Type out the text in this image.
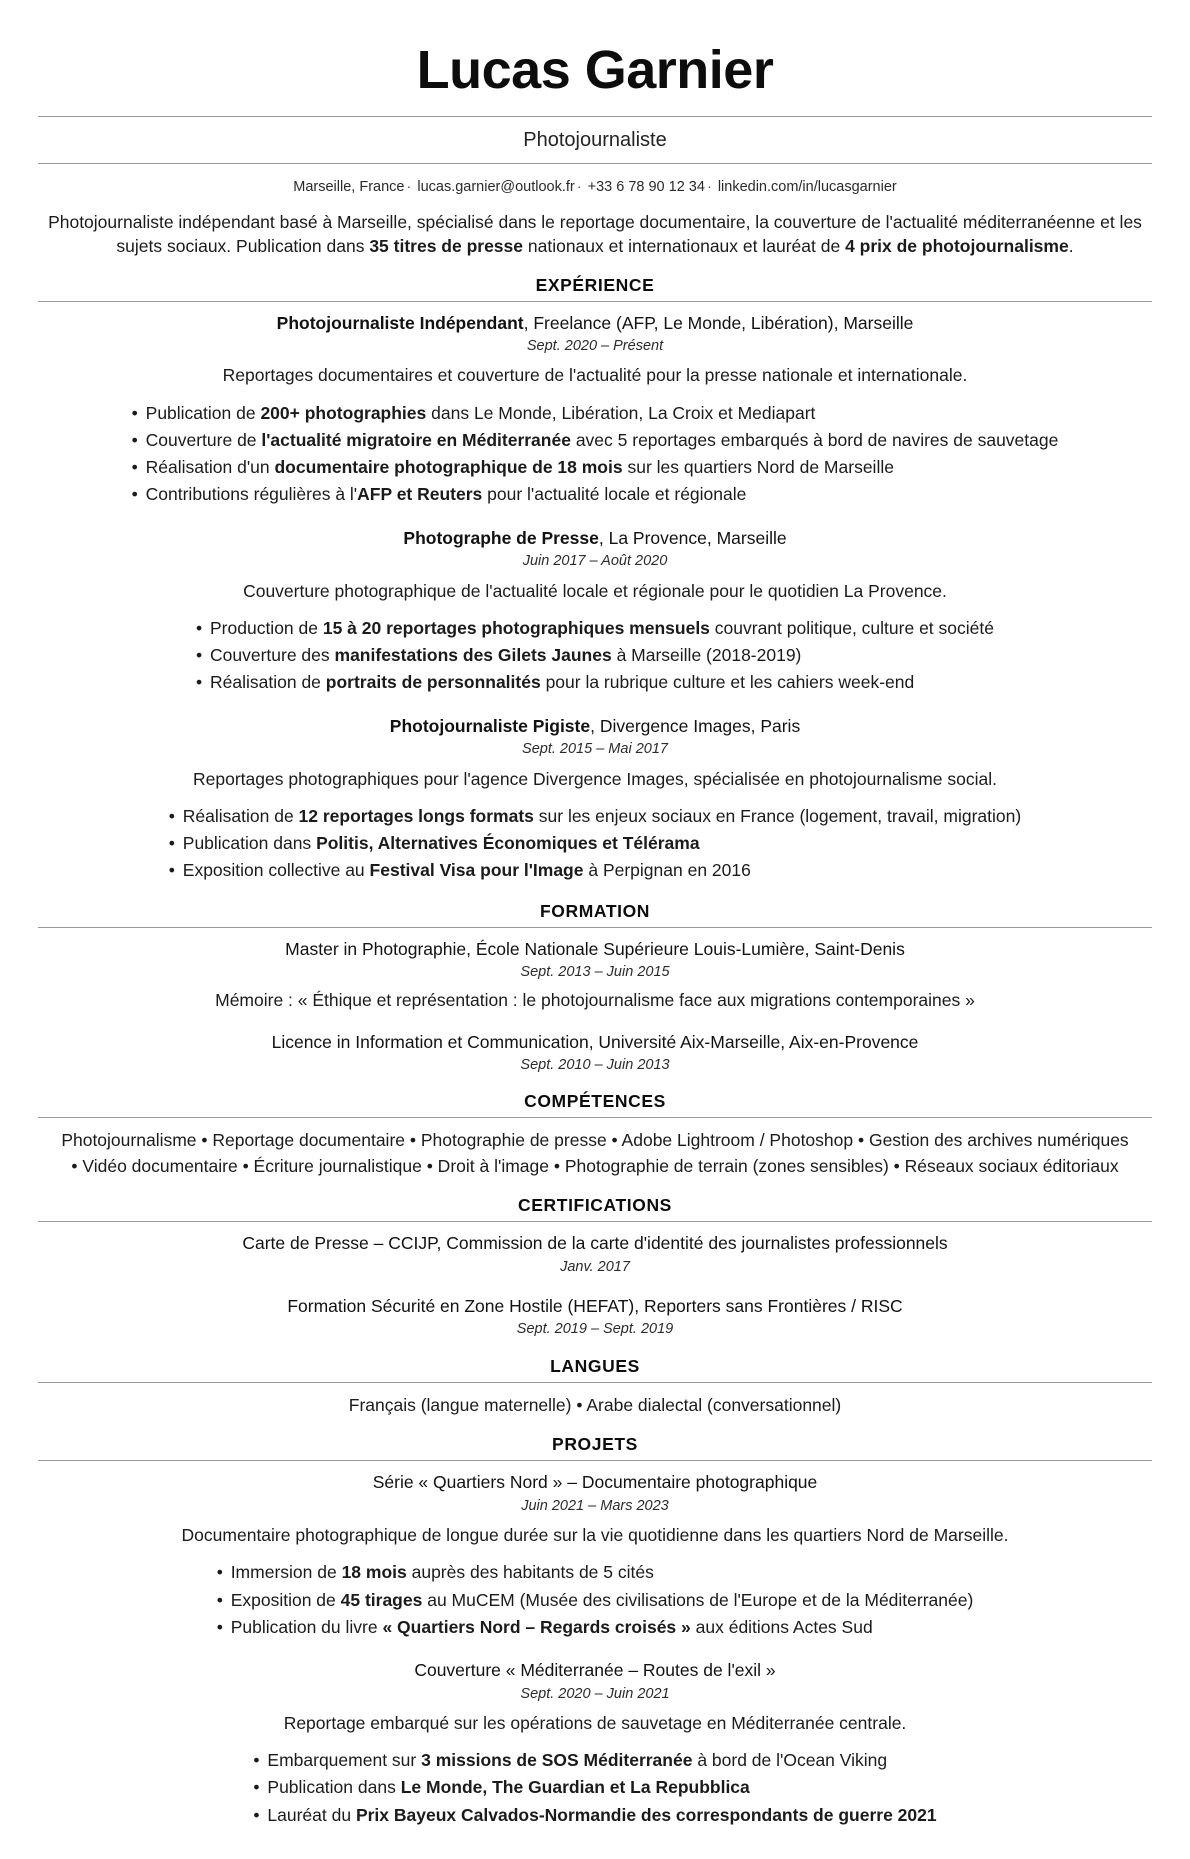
Lucas Garnier
Photojournaliste
Marseille, France · lucas.garnier@outlook.fr · +33 6 78 90 12 34 · linkedin.com/in/lucasgarnier
Photojournaliste indépendant basé à Marseille, spécialisé dans le reportage documentaire, la couverture de l'actualité méditerranéenne et les sujets sociaux. Publication dans 35 titres de presse nationaux et internationaux et lauréat de 4 prix de photojournalisme.
EXPÉRIENCE
Photojournaliste Indépendant, Freelance (AFP, Le Monde, Libération), Marseille
Sept. 2020 – Présent
Reportages documentaires et couverture de l'actualité pour la presse nationale et internationale.
• Publication de 200+ photographies dans Le Monde, Libération, La Croix et Mediapart
• Couverture de l'actualité migratoire en Méditerranée avec 5 reportages embarqués à bord de navires de sauvetage
• Réalisation d'un documentaire photographique de 18 mois sur les quartiers Nord de Marseille
• Contributions régulières à l'AFP et Reuters pour l'actualité locale et régionale
Photographe de Presse, La Provence, Marseille
Juin 2017 – Août 2020
Couverture photographique de l'actualité locale et régionale pour le quotidien La Provence.
• Production de 15 à 20 reportages photographiques mensuels couvrant politique, culture et société
• Couverture des manifestations des Gilets Jaunes à Marseille (2018-2019)
• Réalisation de portraits de personnalités pour la rubrique culture et les cahiers week-end
Photojournaliste Pigiste, Divergence Images, Paris
Sept. 2015 – Mai 2017
Reportages photographiques pour l'agence Divergence Images, spécialisée en photojournalisme social.
• Réalisation de 12 reportages longs formats sur les enjeux sociaux en France (logement, travail, migration)
• Publication dans Politis, Alternatives Économiques et Télérama
• Exposition collective au Festival Visa pour l'Image à Perpignan en 2016
FORMATION
Master in Photographie, École Nationale Supérieure Louis-Lumière, Saint-Denis
Sept. 2013 – Juin 2015
Mémoire : « Éthique et représentation : le photojournalisme face aux migrations contemporaines »
Licence in Information et Communication, Université Aix-Marseille, Aix-en-Provence
Sept. 2010 – Juin 2013
COMPÉTENCES
Photojournalisme • Reportage documentaire • Photographie de presse • Adobe Lightroom / Photoshop • Gestion des archives numériques
• Vidéo documentaire • Écriture journalistique • Droit à l'image • Photographie de terrain (zones sensibles) • Réseaux sociaux éditoriaux
CERTIFICATIONS
Carte de Presse – CCIJP, Commission de la carte d'identité des journalistes professionnels
Janv. 2017
Formation Sécurité en Zone Hostile (HEFAT), Reporters sans Frontières / RISC
Sept. 2019 – Sept. 2019
LANGUES
Français (langue maternelle) • Arabe dialectal (conversationnel)
PROJETS
Série « Quartiers Nord » – Documentaire photographique
Juin 2021 – Mars 2023
Documentaire photographique de longue durée sur la vie quotidienne dans les quartiers Nord de Marseille.
• Immersion de 18 mois auprès des habitants de 5 cités
• Exposition de 45 tirages au MuCEM (Musée des civilisations de l'Europe et de la Méditerranée)
• Publication du livre « Quartiers Nord – Regards croisés » aux éditions Actes Sud
Couverture « Méditerranée – Routes de l'exil »
Sept. 2020 – Juin 2021
Reportage embarqué sur les opérations de sauvetage en Méditerranée centrale.
• Embarquement sur 3 missions de SOS Méditerranée à bord de l'Ocean Viking
• Publication dans Le Monde, The Guardian et La Repubblica
• Lauréat du Prix Bayeux Calvados-Normandie des correspondants de guerre 2021
